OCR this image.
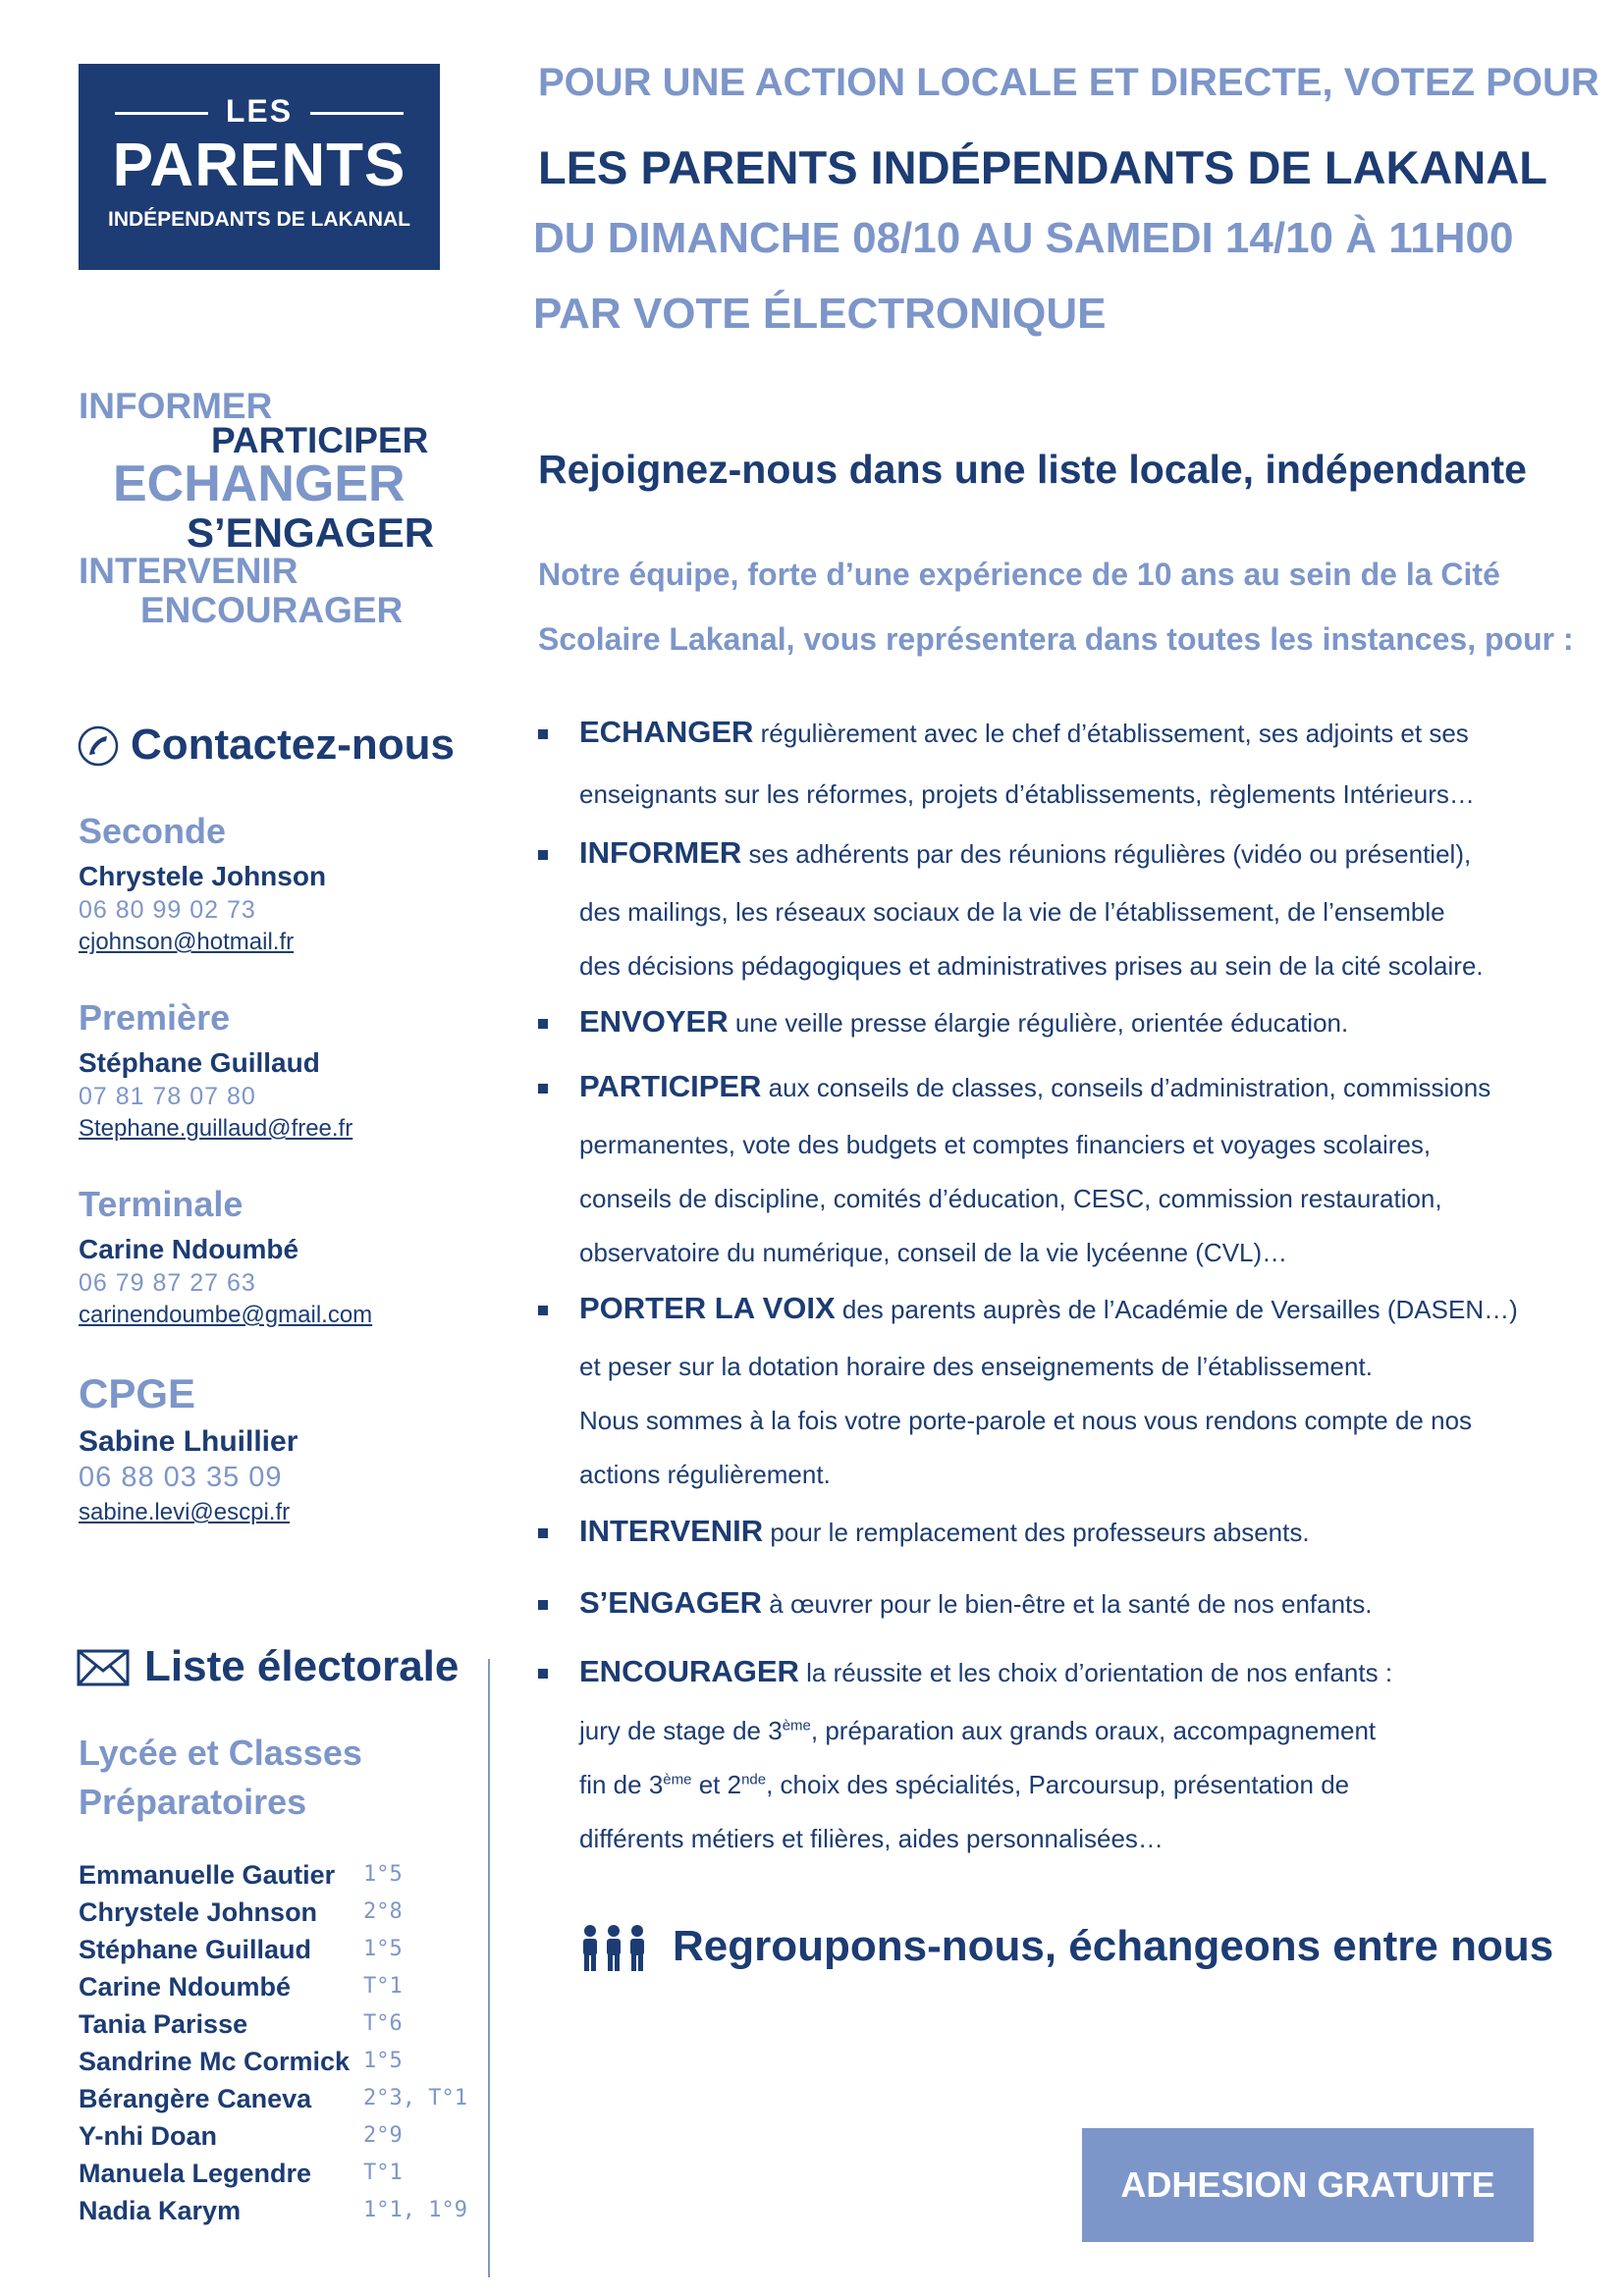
LES
PARENTS
INDÉPENDANTS DE LAKANAL
POUR UNE ACTION LOCALE ET DIRECTE, VOTEZ POUR
LES PARENTS INDÉPENDANTS DE LAKANAL
DU DIMANCHE 08/10 AU SAMEDI 14/10 À 11H00
PAR VOTE ÉLECTRONIQUE
INFORMER
PARTICIPER
ECHANGER
S’ENGAGER
INTERVENIR
ENCOURAGER
Contactez-nous
Seconde
Chrystele Johnson
06 80 99 02 73
cjohnson@hotmail.fr
Première
Stéphane Guillaud
07 81 78 07 80
Stephane.guillaud@free.fr
Terminale
Carine Ndoumbé
06 79 87 27 63
carinendoumbe@gmail.com
CPGE
Sabine Lhuillier
06 88 03 35 09
sabine.levi@escpi.fr
Liste électorale
Lycée et Classes
Préparatoires
Emmanuelle Gautier 1°5
Chrystele Johnson 2°8
Stéphane Guillaud 1°5
Carine Ndoumbé	T°1
Tania Parisse	T°6
Sandrine Mc Cormick 1°5
Bérangère Caneva 2°3, T°1
Y-nhi Doan	2°9
Manuela Legendre T°1
Nadia Karym	1°1, 1°9
Rejoignez-nous dans une liste locale, indépendante
Notre équipe, forte d’une expérience de 10 ans au sein de la Cité
Scolaire Lakanal, vous représentera dans toutes les instances, pour :
ECHANGER régulièrement avec le chef d’établissement, ses adjoints et ses
enseignants sur les réformes, projets d’établissements, règlements Intérieurs…
INFORMER ses adhérents par des réunions régulières (vidéo ou présentiel),
des mailings, les réseaux sociaux de la vie de l’établissement, de l’ensemble
des décisions pédagogiques et administratives prises au sein de la cité scolaire.
ENVOYER une veille presse élargie régulière, orientée éducation.
PARTICIPER aux conseils de classes, conseils d’administration, commissions
permanentes, vote des budgets et comptes financiers et voyages scolaires,
conseils de discipline, comités d’éducation, CESC, commission restauration,
observatoire du numérique, conseil de la vie lycéenne (CVL)…
PORTER LA VOIX des parents auprès de l’Académie de Versailles (DASEN…)
et peser sur la dotation horaire des enseignements de l’établissement.
Nous sommes à la fois votre porte-parole et nous vous rendons compte de nos
actions régulièrement.
INTERVENIR pour le remplacement des professeurs absents.
S’ENGAGER à œuvrer pour le bien-être et la santé de nos enfants.
ENCOURAGER la réussite et les choix d’orientation de nos enfants :
jury de stage de 3ème, préparation aux grands oraux, accompagnement
fin de 3ème et 2nde, choix des spécialités, Parcoursup, présentation de
différents métiers et filières, aides personnalisées…
Regroupons-nous, échangeons entre nous
ADHESION GRATUITE
